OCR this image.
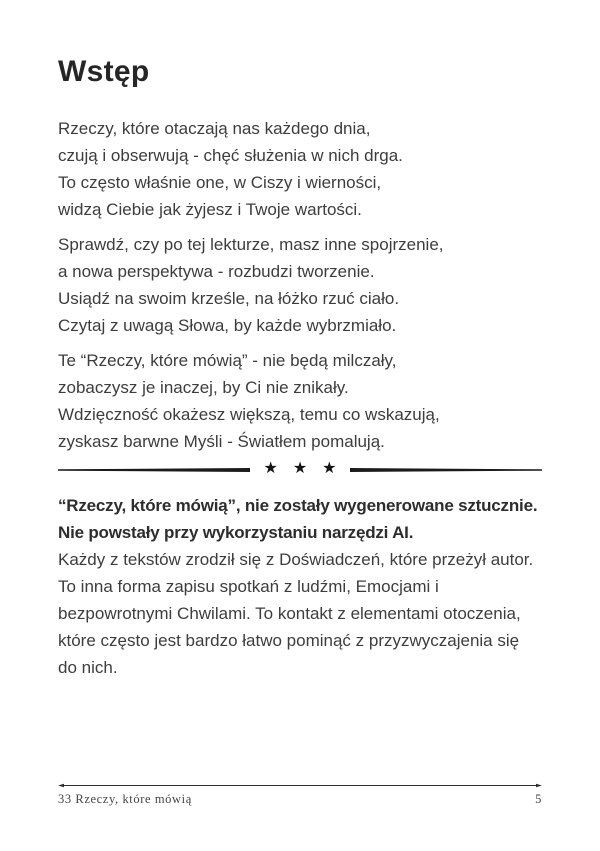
Wstęp

Rzeczy, które otaczają nas każdego dnia,
czują i obserwują - chęć służenia w nich drga.
To często właśnie one, w Ciszy i wierności,
widzą Ciebie jak żyjesz i Twoje wartości.

Sprawdź, czy po tej lekturze, masz inne spojrzenie,
a nowa perspektywa - rozbudzi tworzenie.
Usiądź na swoim krześle, na łóżko rzuć ciało.
Czytaj z uwagą Słowa, by każde wybrzmiało.

Te “Rzeczy, które mówią” - nie będą milczały,
zobaczysz je inaczej, by Ci nie znikały.
Wdzięczność okażesz większą, temu co wskazują,
zyskasz barwne Myśli - Światłem pomalują.

★ ★ ★

“Rzeczy, które mówią”, nie zostały wygenerowane sztucznie.
Nie powstały przy wykorzystaniu narzędzi AI.
Każdy z tekstów zrodził się z Doświadczeń, które przeżył autor.
To inna forma zapisu spotkań z ludźmi, Emocjami i
bezpowrotnymi Chwilami. To kontakt z elementami otoczenia,
które często jest bardzo łatwo pominąć z przyzwyczajenia się
do nich.

33 Rzeczy, które mówią	5
